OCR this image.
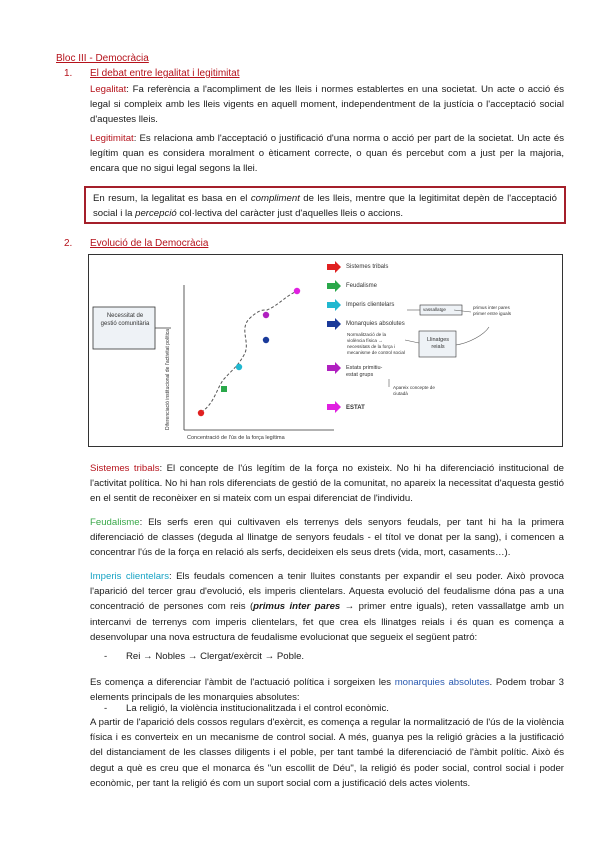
Bloc III - Democràcia
1. El debat entre legalitat i legitimitat
Legalitat: Fa referència a l'acompliment de les lleis i normes establertes en una societat. Un acte o acció és legal si compleix amb les lleis vigents en aquell moment, independentment de la justícia o l'acceptació social d'aquestes lleis.
Legitimitat: Es relaciona amb l'acceptació o justificació d'una norma o acció per part de la societat. Un acte és legítim quan es considera moralment o èticament correcte, o quan és percebut com a just per la majoria, encara que no sigui legal segons la llei.
En resum, la legalitat es basa en el compliment de les lleis, mentre que la legitimitat depèn de l'acceptació social i la percepció col·lectiva del caràcter just d'aquelles lleis o accions.
2. Evolució de la Democràcia
Necessitat de gestió comunitària
Diferenciació institucional de l'activitat política
Concentració de l'ús de la força legítima
Sistemes tribals
Feudalisme
Imperis clientelars
Monarquies absolutes
Normalització de la violència física → necessitats de la força i mecanisme de control social
Estats primitiu-estat grups
Apareix concepte de ciutadà
ESTAT
vassallatge	primus inter pares primer entre iguals
Llinatges reials
Sistemes tribals: El concepte de l'ús legítim de la força no existeix. No hi ha diferenciació institucional de l'activitat política. No hi han rols diferenciats de gestió de la comunitat, no apareix la necessitat d'aquesta gestió en el sentit de reconèixer en si mateix com un espai diferenciat de l'individu.
Feudalisme: Els serfs eren qui cultivaven els terrenys dels senyors feudals, per tant hi ha la primera diferenciació de classes (deguda al llinatge de senyors feudals - el títol ve donat per la sang), i comencen a concentrar l'ús de la força en relació als serfs, decideixen els seus drets (vida, mort, casaments…).
Imperis clientelars: Els feudals comencen a tenir lluites constants per expandir el seu poder. Això provoca l'aparició del tercer grau d'evolució, els imperis clientelars. Aquesta evolució del feudalisme dóna pas a una concentració de persones com reis (primus inter pares → primer entre iguals), reten vassallatge amb un intercanvi de terrenys com imperis clientelars, fet que crea els llinatges reials i és quan es comença a desenvolupar una nova estructura de feudalisme evolucionat que segueix el següent patró:
- Rei → Nobles → Clergat/exèrcit → Poble.
Es comença a diferenciar l'àmbit de l'actuació política i sorgeixen les monarquies absolutes. Podem trobar 3 elements principals de les monarquies absolutes:
- La religió, la violència institucionalitzada i el control econòmic.
A partir de l'aparició dels cossos regulars d'exèrcit, es comença a regular la normalització de l'ús de la violència física i es converteix en un mecanisme de control social. A més, guanya pes la religió gràcies a la justificació del distanciament de les classes diligents i el poble, per tant també la diferenciació de l'àmbit polític. Això és degut a què es creu que el monarca és "un escollit de Déu", la religió és poder social, control social i poder econòmic, per tant la religió és com un suport social com a justificació dels actes violents.
